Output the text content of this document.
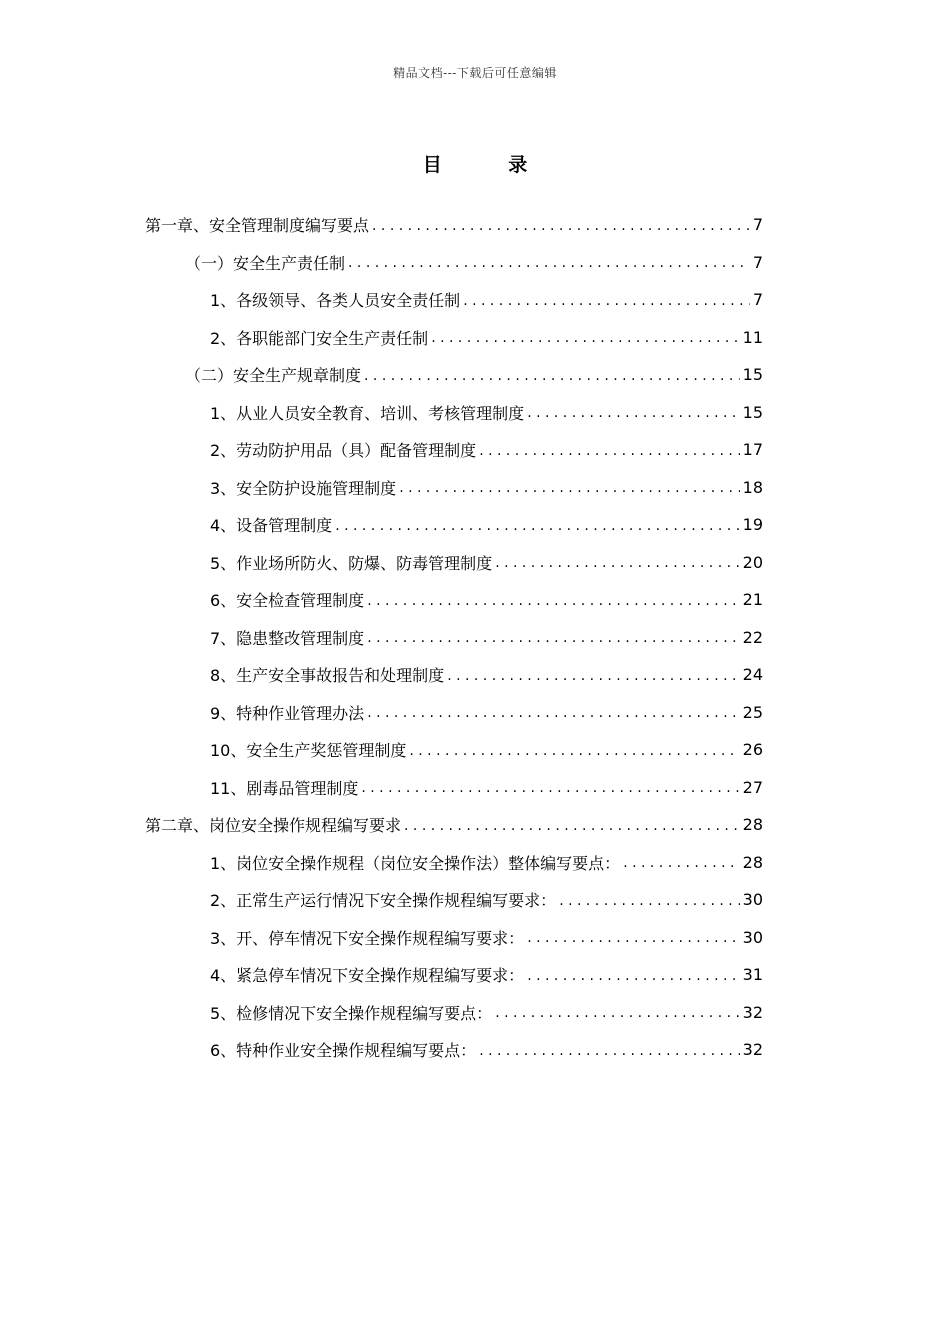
精品文档---下载后可任意编辑
目 录
第一章、安全管理制度编写要点 . . .	7
（一）安全生产责任制 . . .	7
1、各级领导、各类人员安全责任制 . . .	7
2、各职能部门安全生产责任制 . . .	11
（二）安全生产规章制度 . . .	15
1、从业人员安全教育、培训、考核管理制度 . . .	15
2、劳动防护用品（具）配备管理制度 . . .	17
3、安全防护设施管理制度 . . .	18
4、设备管理制度 . . .	19
5、作业场所防火、防爆、防毒管理制度 . . .	20
6、安全检查管理制度 . . .	21
7、隐患整改管理制度 . . .	22
8、生产安全事故报告和处理制度 . . .	24
9、特种作业管理办法 . . .	25
10、安全生产奖惩管理制度 . . .	26
11、剧毒品管理制度 . . .	27
第二章、岗位安全操作规程编写要求 . . .	28
1、岗位安全操作规程（岗位安全操作法）整体编写要点： . . .	28
2、正常生产运行情况下安全操作规程编写要求： . . .	30
3、开、停车情况下安全操作规程编写要求： . . .	30
4、紧急停车情况下安全操作规程编写要求： . . .	31
5、检修情况下安全操作规程编写要点： . . .	32
6、特种作业安全操作规程编写要点： . . .	32
